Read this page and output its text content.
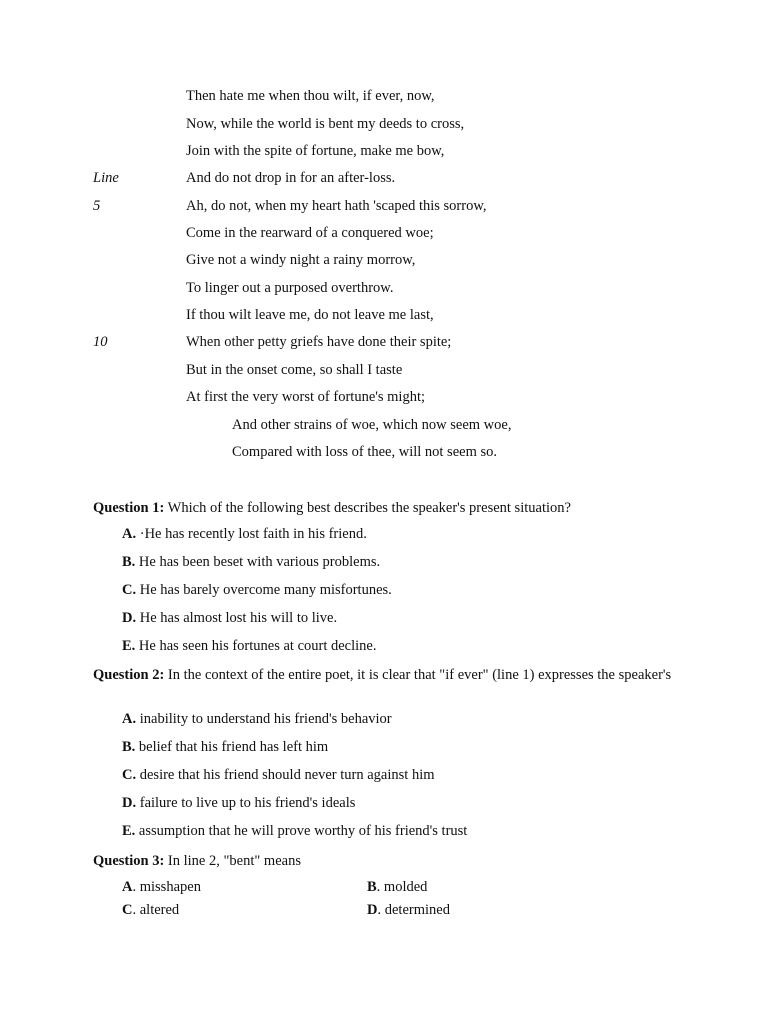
Then hate me when thou wilt, if ever, now,
Now, while the world is bent my deeds to cross,
Join with the spite of fortune, make me bow,
Line	And do not drop in for an after-loss.
5	Ah, do not, when my heart hath 'scaped this sorrow,
Come in the rearward of a conquered woe;
Give not a windy night a rainy morrow,
To linger out a purposed overthrow.
If thou wilt leave me, do not leave me last,
10	When other petty griefs have done their spite;
But in the onset come, so shall I taste
At first the very worst of fortune's might;
And other strains of woe, which now seem woe,
Compared with loss of thee, will not seem so.
Question 1: Which of the following best describes the speaker's present situation?
A. ·He has recently lost faith in his friend.
B. He has been beset with various problems.
C. He has barely overcome many misfortunes.
D. He has almost lost his will to live.
E. He has seen his fortunes at court decline.
Question 2: In the context of the entire poet, it is clear that "if ever" (line 1) expresses the speaker's
A. inability to understand his friend's behavior
B. belief that his friend has left him
C. desire that his friend should never turn against him
D. failure to live up to his friend's ideals
E. assumption that he will prove worthy of his friend's trust
Question 3: In line 2, "bent" means
A. misshapen	B. molded
C. altered	D. determined
